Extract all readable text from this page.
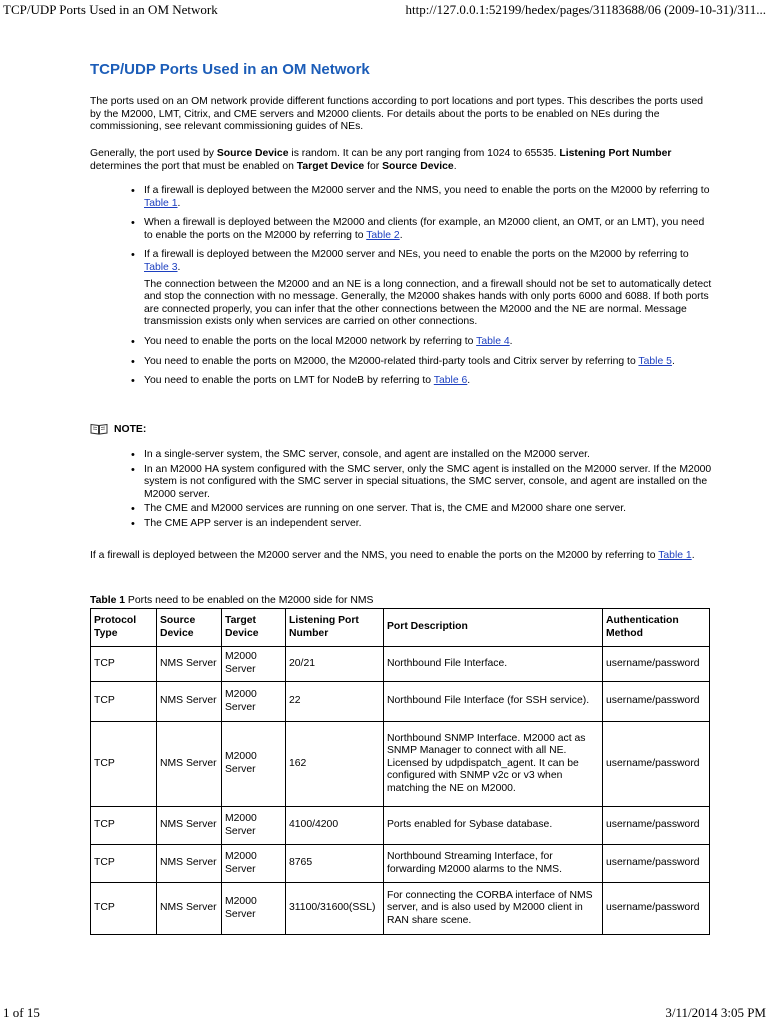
TCP/UDP Ports Used in an OM Network	http://127.0.0.1:52199/hedex/pages/31183688/06 (2009-10-31)/311...
TCP/UDP Ports Used in an OM Network
The ports used on an OM network provide different functions according to port locations and port types. This describes the ports used by the M2000, LMT, Citrix, and CME servers and M2000 clients. For details about the ports to be enabled on NEs during the commissioning, see relevant commissioning guides of NEs.
Generally, the port used by Source Device is random. It can be any port ranging from 1024 to 65535. Listening Port Number determines the port that must be enabled on Target Device for Source Device.
• If a firewall is deployed between the M2000 server and the NMS, you need to enable the ports on the M2000 by referring to Table 1.
• When a firewall is deployed between the M2000 and clients (for example, an M2000 client, an OMT, or an LMT), you need to enable the ports on the M2000 by referring to Table 2.
• If a firewall is deployed between the M2000 server and NEs, you need to enable the ports on the M2000 by referring to Table 3.
The connection between the M2000 and an NE is a long connection, and a firewall should not be set to automatically detect and stop the connection with no message. Generally, the M2000 shakes hands with only ports 6000 and 6088. If both ports are connected properly, you can infer that the other connections between the M2000 and the NE are normal. Message transmission exists only when services are carried on other connections.
• You need to enable the ports on the local M2000 network by referring to Table 4.
• You need to enable the ports on M2000, the M2000-related third-party tools and Citrix server by referring to Table 5.
• You need to enable the ports on LMT for NodeB by referring to Table 6.
NOTE:
• In a single-server system, the SMC server, console, and agent are installed on the M2000 server.
• In an M2000 HA system configured with the SMC server, only the SMC agent is installed on the M2000 server. If the M2000 system is not configured with the SMC server in special situations, the SMC server, console, and agent are installed on the M2000 server.
• The CME and M2000 services are running on one server. That is, the CME and M2000 share one server.
• The CME APP server is an independent server.
If a firewall is deployed between the M2000 server and the NMS, you need to enable the ports on the M2000 by referring to Table 1.
Table 1 Ports need to be enabled on the M2000 side for NMS
Protocol Type	Source Device	Target Device	Listening Port Number	Port Description	Authentication Method
TCP	NMS Server	M2000 Server	20/21	Northbound File Interface.	username/password
TCP	NMS Server	M2000 Server	22	Northbound File Interface (for SSH service).	username/password
TCP	NMS Server	M2000 Server	162	Northbound SNMP Interface. M2000 act as SNMP Manager to connect with all NE. Licensed by udpdispatch_agent. It can be configured with SNMP v2c or v3 when matching the NE on M2000.	username/password
TCP	NMS Server	M2000 Server	4100/4200	Ports enabled for Sybase database.	username/password
TCP	NMS Server	M2000 Server	8765	Northbound Streaming Interface, for forwarding M2000 alarms to the NMS.	username/password
TCP	NMS Server	M2000 Server	31100/31600(SSL)	For connecting the CORBA interface of NMS server, and is also used by M2000 client in RAN share scene.	username/password
1 of 15	3/11/2014 3:05 PM
